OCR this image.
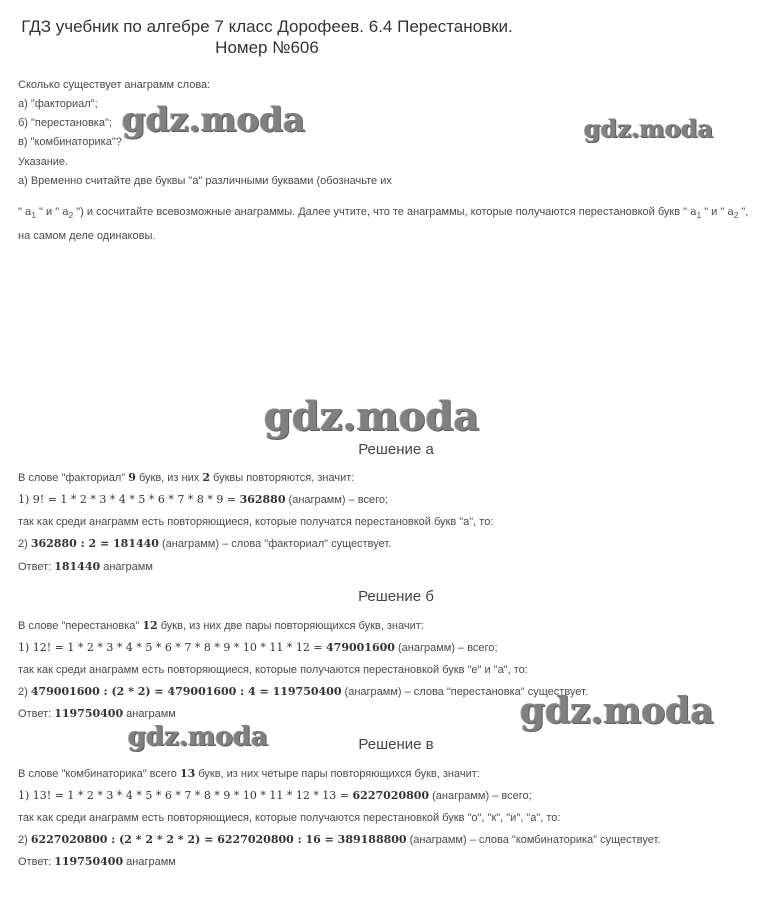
ГДЗ учебник по алгебре 7 класс Дорофеев. 6.4 Перестановки.
Номер №606
Сколько существует анаграмм слова:
а) "факториал";
б) "перестановка";
в) "комбинаторика"?
Указание.
а) Временно считайте две буквы "а" различными буквами (обозначьте их
" $a_1$ " и " $a_2$ ") и сосчитайте всевозможные анаграммы. Далее учтите, что те анаграммы, которые получаются перестановкой букв " $a_1$ " и " $a_2$ ",
на самом деле одинаковы.
gdz.moda	gdz.moda
gdz.moda
gdz.moda
gdz.moda
Решение а
В слове "факториал" 9 букв, из них 2 буквы повторяются, значит:
1) 9! = 1 * 2 * 3 * 4 * 5 * 6 * 7 * 8 * 9 = 362880 (анаграмм) – всего;
так как среди анаграмм есть повторяющиеся, которые получатся перестановкой букв "а", то:
2) 362880 : 2 = 181440 (анаграмм) – слова "факториал" существует.
Ответ: 181440 анаграмм
Решение б
В слове "перестановка" 12 букв, из них две пары повторяющихся букв, значит:
1) 12! = 1 * 2 * 3 * 4 * 5 * 6 * 7 * 8 * 9 * 10 * 11 * 12 = 479001600 (анаграмм) – всего;
так как среди анаграмм есть повторяющиеся, которые получаются перестановкой букв "е" и "а", то:
2) 479001600 : (2 * 2) = 479001600 : 4 = 119750400 (анаграмм) – слова "перестановка" существует.
Ответ: 119750400 анаграмм
Решение в
В слове "комбинаторика" всего 13 букв, из них четыре пары повторяющихся букв, значит:
1) 13! = 1 * 2 * 3 * 4 * 5 * 6 * 7 * 8 * 9 * 10 * 11 * 12 * 13 = 6227020800 (анаграмм) – всего;
так как среди анаграмм есть повторяющиеся, которые получаются перестановкой букв "о", "к", "и", "а", то:
2) 6227020800 : (2 * 2 * 2 * 2) = 6227020800 : 16 = 389188800 (анаграмм) – слова "комбинаторика" существует.
Ответ: 119750400 анаграмм
